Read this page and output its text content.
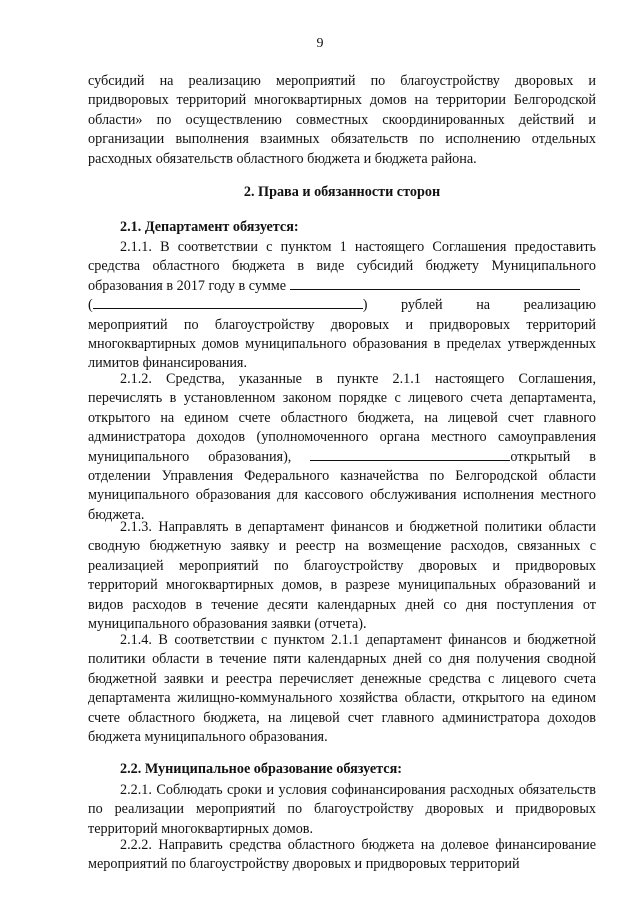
9

субсидий на реализацию мероприятий по благоустройству дворовых и придворовых территорий многоквартирных домов на территории Белгородской области» по осуществлению совместных скоординированных действий и организации выполнения взаимных обязательств по исполнению отдельных расходных обязательств областного бюджета и бюджета района.

2. Права и обязанности сторон
2.1. Департамент обязуется:

2.1.1. В соответствии с пунктом 1 настоящего Соглашения предоставить средства областного бюджета в виде субсидий бюджету Муниципального образования в 2017 году в сумме

(	) рублей на реализацию

мероприятий по благоустройству дворовых и придворовых территорий многоквартирных домов муниципального образования в пределах утвержденных лимитов финансирования.

2.1.2. Средства, указанные в пункте 2.1.1 настоящего Соглашения, перечислять в установленном законом порядке с лицевого счета департамента, открытого на едином счете областного бюджета, на лицевой счет главного администратора доходов (уполномоченного органа местного самоуправления муниципального образования),	открытый в отделении Управления Федерального казначейства по Белгородской области муниципального образования для кассового обслуживания исполнения местного бюджета.

2.1.3. Направлять в департамент финансов и бюджетной политики области сводную бюджетную заявку и реестр на возмещение расходов, связанных с реализацией мероприятий по благоустройству дворовых и придворовых территорий многоквартирных домов, в разрезе муниципальных образований и видов расходов в течение десяти календарных дней со дня поступления от муниципального образования заявки (отчета).

2.1.4. В соответствии с пунктом 2.1.1 департамент финансов и бюджетной политики области в течение пяти календарных дней со дня получения сводной бюджетной заявки и реестра перечисляет денежные средства с лицевого счета департамента жилищно-коммунального хозяйства области, открытого на едином счете областного бюджета, на лицевой счет главного администратора доходов бюджета муниципального образования.

2.2. Муниципальное образование обязуется:

2.2.1. Соблюдать сроки и условия софинансирования расходных обязательств по реализации мероприятий по благоустройству дворовых и придворовых территорий многоквартирных домов.

2.2.2. Направить средства областного бюджета на долевое финансирование мероприятий по благоустройству дворовых и придворовых территорий
